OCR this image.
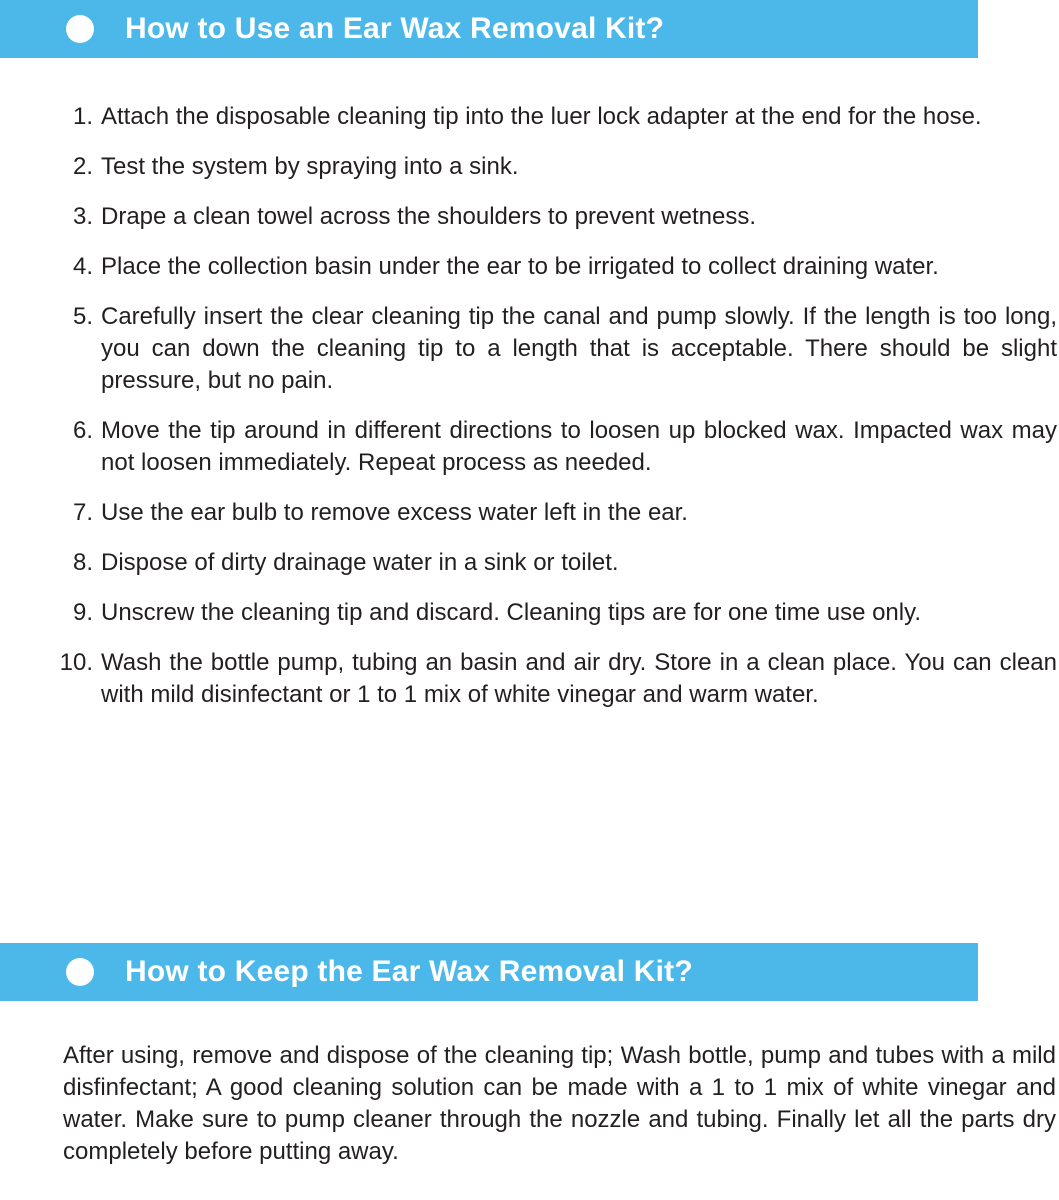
How to Use an Ear Wax Removal Kit?
1. Attach the disposable cleaning tip into the luer lock adapter at the end for the hose.
2. Test the system by spraying into a sink.
3. Drape a clean towel across the shoulders to prevent wetness.
4. Place the collection basin under the ear to be irrigated to collect draining water.
5. Carefully insert the clear cleaning tip the canal and pump slowly. If the length is too long, you can down the cleaning tip to a length that is acceptable. There should be slight pressure, but no pain.
6. Move the tip around in different directions to loosen up blocked wax. Impacted wax may not loosen immediately. Repeat process as needed.
7. Use the ear bulb to remove excess water left in the ear.
8. Dispose of dirty drainage water in a sink or toilet.
9. Unscrew the cleaning tip and discard. Cleaning tips are for one time use only.
10. Wash the bottle pump, tubing an basin and air dry. Store in a clean place. You can clean with mild disinfectant or 1 to 1 mix of white vinegar and warm water.
How to Keep the Ear Wax Removal Kit?

After using, remove and dispose of the cleaning tip; Wash bottle, pump and tubes with a mild disfinfectant; A good cleaning solution can be made with a 1 to 1 mix of white vinegar and water. Make sure to pump cleaner through the nozzle and tubing. Finally let all the parts dry completely before putting away.
